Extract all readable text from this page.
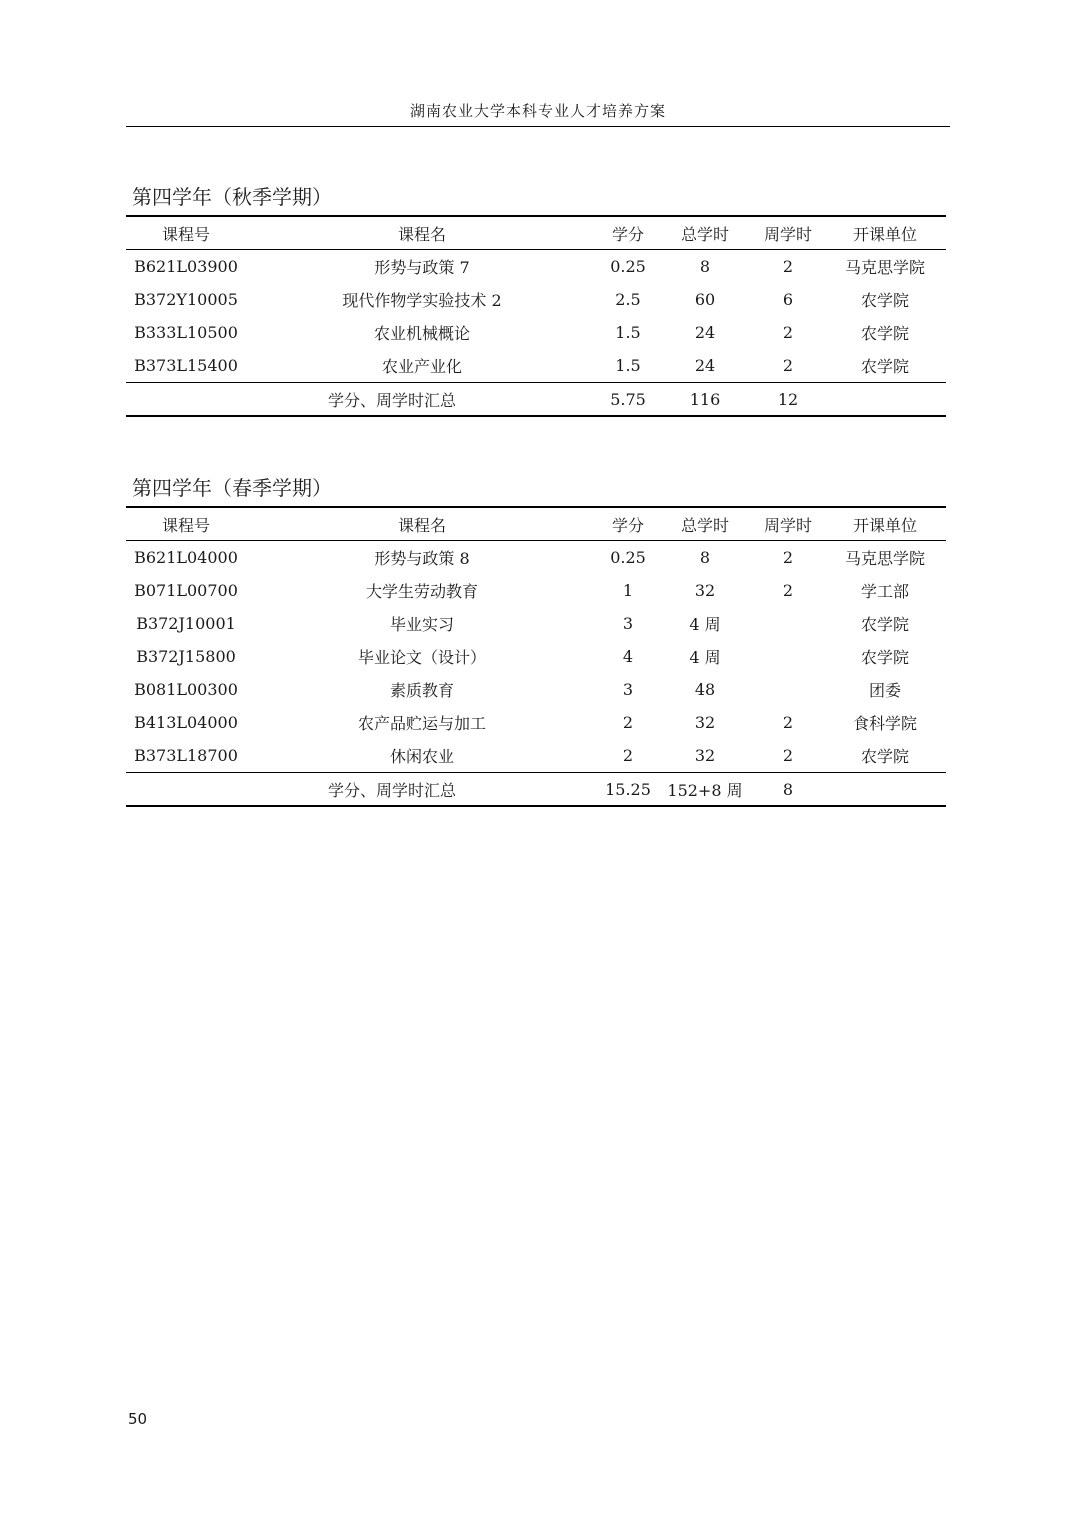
湖南农业大学本科专业人才培养方案
第四学年（秋季学期）
课程号	课程名	学分	总学时	周学时	开课单位
B621L03900	形势与政策 7	0.25	8	2	马克思学院
B372Y10005	现代作物学实验技术 2	2.5	60	6	农学院
B333L10500	农业机械概论	1.5	24	2	农学院
B373L15400	农业产业化	1.5	24	2	农学院
学分、周学时汇总		5.75	116	12	
第四学年（春季学期）
课程号	课程名	学分	总学时	周学时	开课单位
B621L04000	形势与政策 8	0.25	8	2	马克思学院
B071L00700	大学生劳动教育	1	32	2	学工部
B372J10001	毕业实习	3	4 周		农学院
B372J15800	毕业论文（设计）	4	4 周		农学院
B081L00300	素质教育	3	48		团委
B413L04000	农产品贮运与加工	2	32	2	食科学院
B373L18700	休闲农业	2	32	2	农学院
学分、周学时汇总		15.25	152+8 周	8	
50
